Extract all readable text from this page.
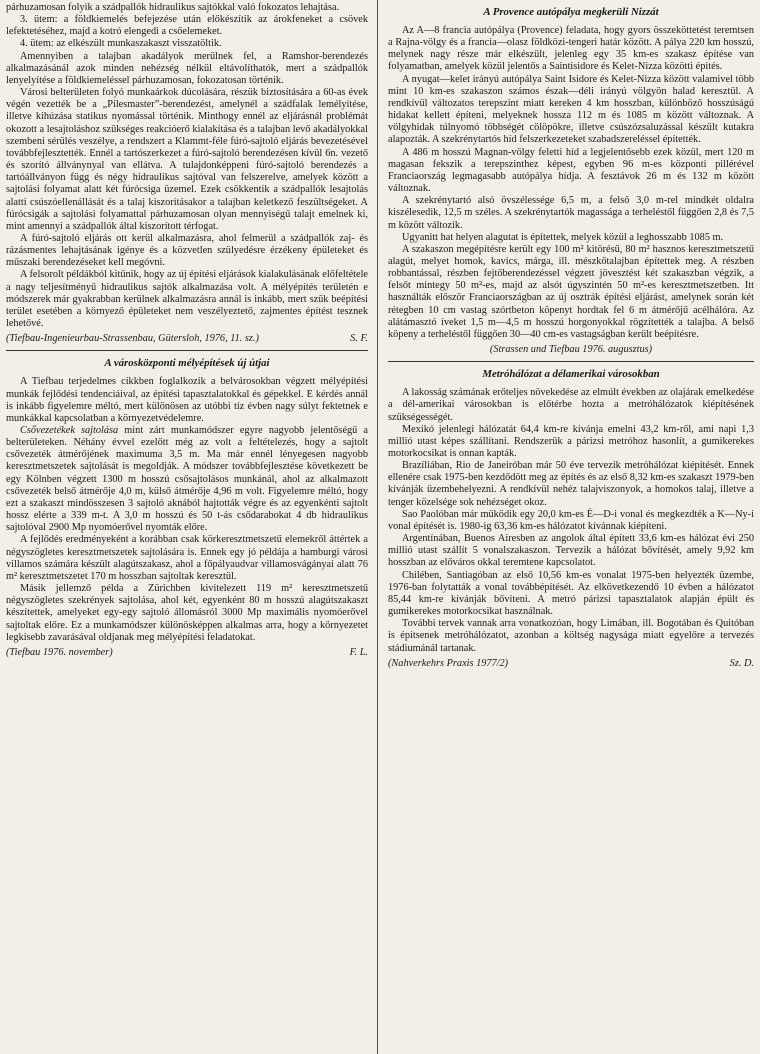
párhuzamosan folyik a szádpallók hidraulikus sajtókkal való fokozatos lehajtása.

3. ütem: a földkiemelés befejezése után előkészítik az árokfeneket a csövek lefektetéséhez, majd a kotró elengedi a csőelemeket.

4. ütem: az elkészült munkaszakaszt visszatöltik.

Amennyiben a talajban akadályok merülnek fel, a Ramshor-berendezés alkalmazásánál azok minden nehézség nélkül eltávolíthatók, mert a szádpallók lenyelyítése a földkiemeléssel párhuzamosan, fokozatosan történik.

Városi belterületen folyó munkaárkok dúcolására, részük biztosítására a 60-as évek végén vezették be a „Pilesmaster”-berendezést, amelynél a szádfalak lemélyítése, illetve kihúzása statikus nyomással történik. Minthogy ennél az eljárásnál problémát okozott a lesajtoláshoz szükséges reakcióerő kialakítása és a talajban levő akadályokkal szembeni sérülés veszélye, a rendszert a Klammt-féle fúró-sajtoló eljárás bevezetésével továbbfejlesztették. Ennél a tartószerkezet a fúró-sajtoló berendezésen kívül 6n. vezető és szorító állványnyal van ellátva. A tulajdonképpeni fúró-sajtoló berendezés a tartóállványon függ és négy hidraulikus sajtóval van felszerelve, amelyek között a sajtolási folyamat alatt két fúrócsiga üzemel. Ezek csökkentik a szádpallók lesajtolás alatti csúszóellenállását és a talaj kiszorításakor a talajban keletkező feszültségeket. A fúrócsigák a sajtolási folyamattal párhuzamosan olyan mennyiségű talajt emelnek ki, mint amennyi a szádpallók által kiszorított térfogat.

A fúró-sajtoló eljárás ott kerül alkalmazásra, ahol felmerül a szádpallók zaj- és rázásmentes lehajtásának igénye és a közvetlen szülyedésre érzékeny épületeket és műszaki berendezéseket kell megóvni.

A felsorolt példákból kitűnik, hogy az új építési eljárások kialakulásának előfeltétele a nagy teljesítményű hidraulikus sajtók alkalmazása volt. A mélyépítés területén e módszerek már gyakrabban kerülnek alkalmazásra annál is inkább, mert szűk beépítési terület esetében a környező épületeket nem veszélyeztető, zajmentes építést tesznek lehetővé.

(Tiefbau-Ingenieurbau-Strassenbau, Gütersloh, 1976, 11. sz.)	S. F.
A városközponti mélyépítések új útjai

A Tiefbau terjedelmes cikkben foglalkozik a belvárosokban végzett mélyépítési munkák fejlődési tendenciáival, az építési tapasztalatokkal és gépekkel. E kérdés annál is inkább figyelemre méltó, mert különösen az utóbbi tíz évben nagy súlyt fektetnek e munkákkal kapcsolatban a környezetvédelemre.

Csővezetékek sajtolása mint zárt munkamódszer egyre nagyobb jelentőségű a belterületeken. Néhány évvel ezelőtt még az volt a feltételezés, hogy a sajtolt csővezeték átmérőjének maximuma 3,5 m. Ma már ennél lényegesen nagyobb keresztmetszetek sajtolását is megoldják. A módszer továbbfejlesztése következett be egy Kölnben végzett 1300 m hosszú csősajtolásos munkánál, ahol az alkalmazott csővezeték belső átmérője 4,0 m, külső átmérője 4,96 m volt. Figyelemre méltó, hogy ezt a szakaszt mindösszesen 3 sajtoló aknából hajtották végre és az egyenkénti sajtolt hossz elérte a 339 m-t. A 3,0 m hosszú és 50 t-ás csődarabokat 4 db hidraulikus sajtolóval 2900 Mp nyomóerővel nyomták előre.

A fejlődés eredményeként a korábban csak körkeresztmetszetű elemekről áttértek a négyszögletes keresztmetszetek sajtolására is. Ennek egy jó példája a hamburgi városi villamos számára készült alagútszakasz, ahol a főpályaudvar villamosvágányai alatt 76 m² keresztmetszetet 170 m hosszban sajtoltak keresztül.

Másik jellemző példa a Zürichben kivitelezett 119 m² keresztmetszetű négyszögletes szekrények sajtolása, ahol két, egyenként 80 m hosszú alagútszakaszt készítettek, amelyeket egy-egy sajtoló állomásról 3000 Mp maximális nyomóerővel sajtoltak előre. Ez a munkamódszer különösképpen alkalmas arra, hogy a környezetet legkisebb zavarásával oldjanak meg mélyépítési feladatokat.

(Tiefbau 1976. november)	F. L.
A Provence autópálya megkerüli Nizzát

Az A—8 francia autópálya (Provence) feladata, hogy gyors összeköttetést teremtsen a Rajna-völgy és a francia—olasz földközi-tengeri határ között. A pálya 220 km hosszú, melynek nagy része már elkészült, jelenleg egy 35 km-es szakasz építése van folyamatban, amelyek közül jelentős a Saintisidore és Kelet-Nizza közötti építés.

A nyugat—kelet irányú autópálya Saint Isidore és Kelet-Nizza között valamivel több mint 10 km-es szakaszon számos észak—déli irányú völgyön halad keresztül. A rendkívül változatos terepszint miatt kereken 4 km hosszban, különböző hosszúságú hidakat kellett építeni, melyeknek hossza 112 m és 1085 m között változnak. A völgyhidak túlnyomó többségét cölöpökre, illetve csúszózsaluzással készült kutakra alapozták. A szekrénytartós híd felszerkezeteket szabadszereléssel építették.

A 486 m hosszú Magnan-völgy feletti híd a legjelentősebb ezek közül, mert 120 m magasan fekszik a terepszinthez képest, egyben 96 m-es központi pillérével Franciaország legmagasabb autópálya hídja. A fesztávok 26 m és 132 m között változnak.

A szekrénytartó alsó övszélessége 6,5 m, a felső 3,0 m-rel mindkét oldalra kiszélesedik, 12,5 m széles. A szekrénytartók magassága a terheléstől függően 2,8 és 7,5 m között változik.

Ugyanitt hat helyen alagutat is építettek, melyek közül a leghosszabb 1085 m.

A szakaszon megépítésre került egy 100 m² kitörésű, 80 m² hasznos keresztmetszetű alagút, melyet homok, kavics, márga, ill. mészkőtalajban építettek meg. A részben robbantással, részben fejtőberendezéssel végzett jövesztést két szakaszban végzik, a felsőt mintegy 50 m²-es, majd az alsót úgyszintén 50 m²-es keresztmetszetben. Itt használták először Franciaországban az új osztrák építési eljárást, amelynek során két rétegben 10 cm vastag szórtbeton köpenyt hordtak fel 6 m átmérőjű acélhálóra. Az alátámasztó íveket 1,5 m—4,5 m hosszú horgonyokkal rögzítették a talajba. A belső köpeny a terheléstől függően 30—40 cm-es vastagságban került beépítésre.

(Strassen und Tiefbau 1976. augusztus)
Metróhálózat a délamerikai városokban

A lakosság számának erőteljes növekedése az elmúlt években az olajárak emelkedése a dél-amerikai városokban is előtérbe hozta a metróhálózatok kiépítésének szükségességét.

Mexikó jelenlegi hálózatát 64,4 km-re kívánja emelni 43,2 km-ről, ami napi 1,3 millió utast képes szállítani. Rendszerük a párizsi metróhoz hasonlít, a gumikerekes motorkocsikat is onnan kapták.

Brazíliában, Rio de Janeiróban már 50 éve tervezik metróhálózat kiépítését. Ennek ellenére csak 1975-ben kezdődött meg az építés és az első 8,32 km-es szakaszt 1979-ben kívánják üzembehelyezni. A rendkívül nehéz talajviszonyok, a homokos talaj, illetve a tenger közelsége sok nehézséget okoz.

Sao Paolóban már működik egy 20,0 km-es É—D-i vonal és megkezdték a K—Ny-i vonal építését is. 1980-ig 63,36 km-es hálózatot kívánnak kiépíteni.

Argentínában, Buenos Airesben az angolok által épített 33,6 km-es hálózat évi 250 millió utast szállít 5 vonalszakaszon. Tervezik a hálózat bővítését, amely 9,92 km hosszban az előváros okkal teremtene kapcsolatot.

Chilében, Santiagóban az első 10,56 km-es vonalat 1975-ben helyezték üzembe, 1976-ban folytatták a vonal továbbépítését. Az elkövetkezendő 10 évben a hálózatot 85,44 km-re kívánják bővíteni. A metró párizsi tapasztalatok alapján épült és gumikerekes motorkocsikat használnak.

További tervek vannak arra vonatkozóan, hogy Limában, ill. Bogotában és Quitóban is építsenek metróhálózatot, azonban a költség nagysága miatt egyelőre a tervezés stádiumánál tartanak.

(Nahverkehrs Praxis 1977/2)	Sz. D.
